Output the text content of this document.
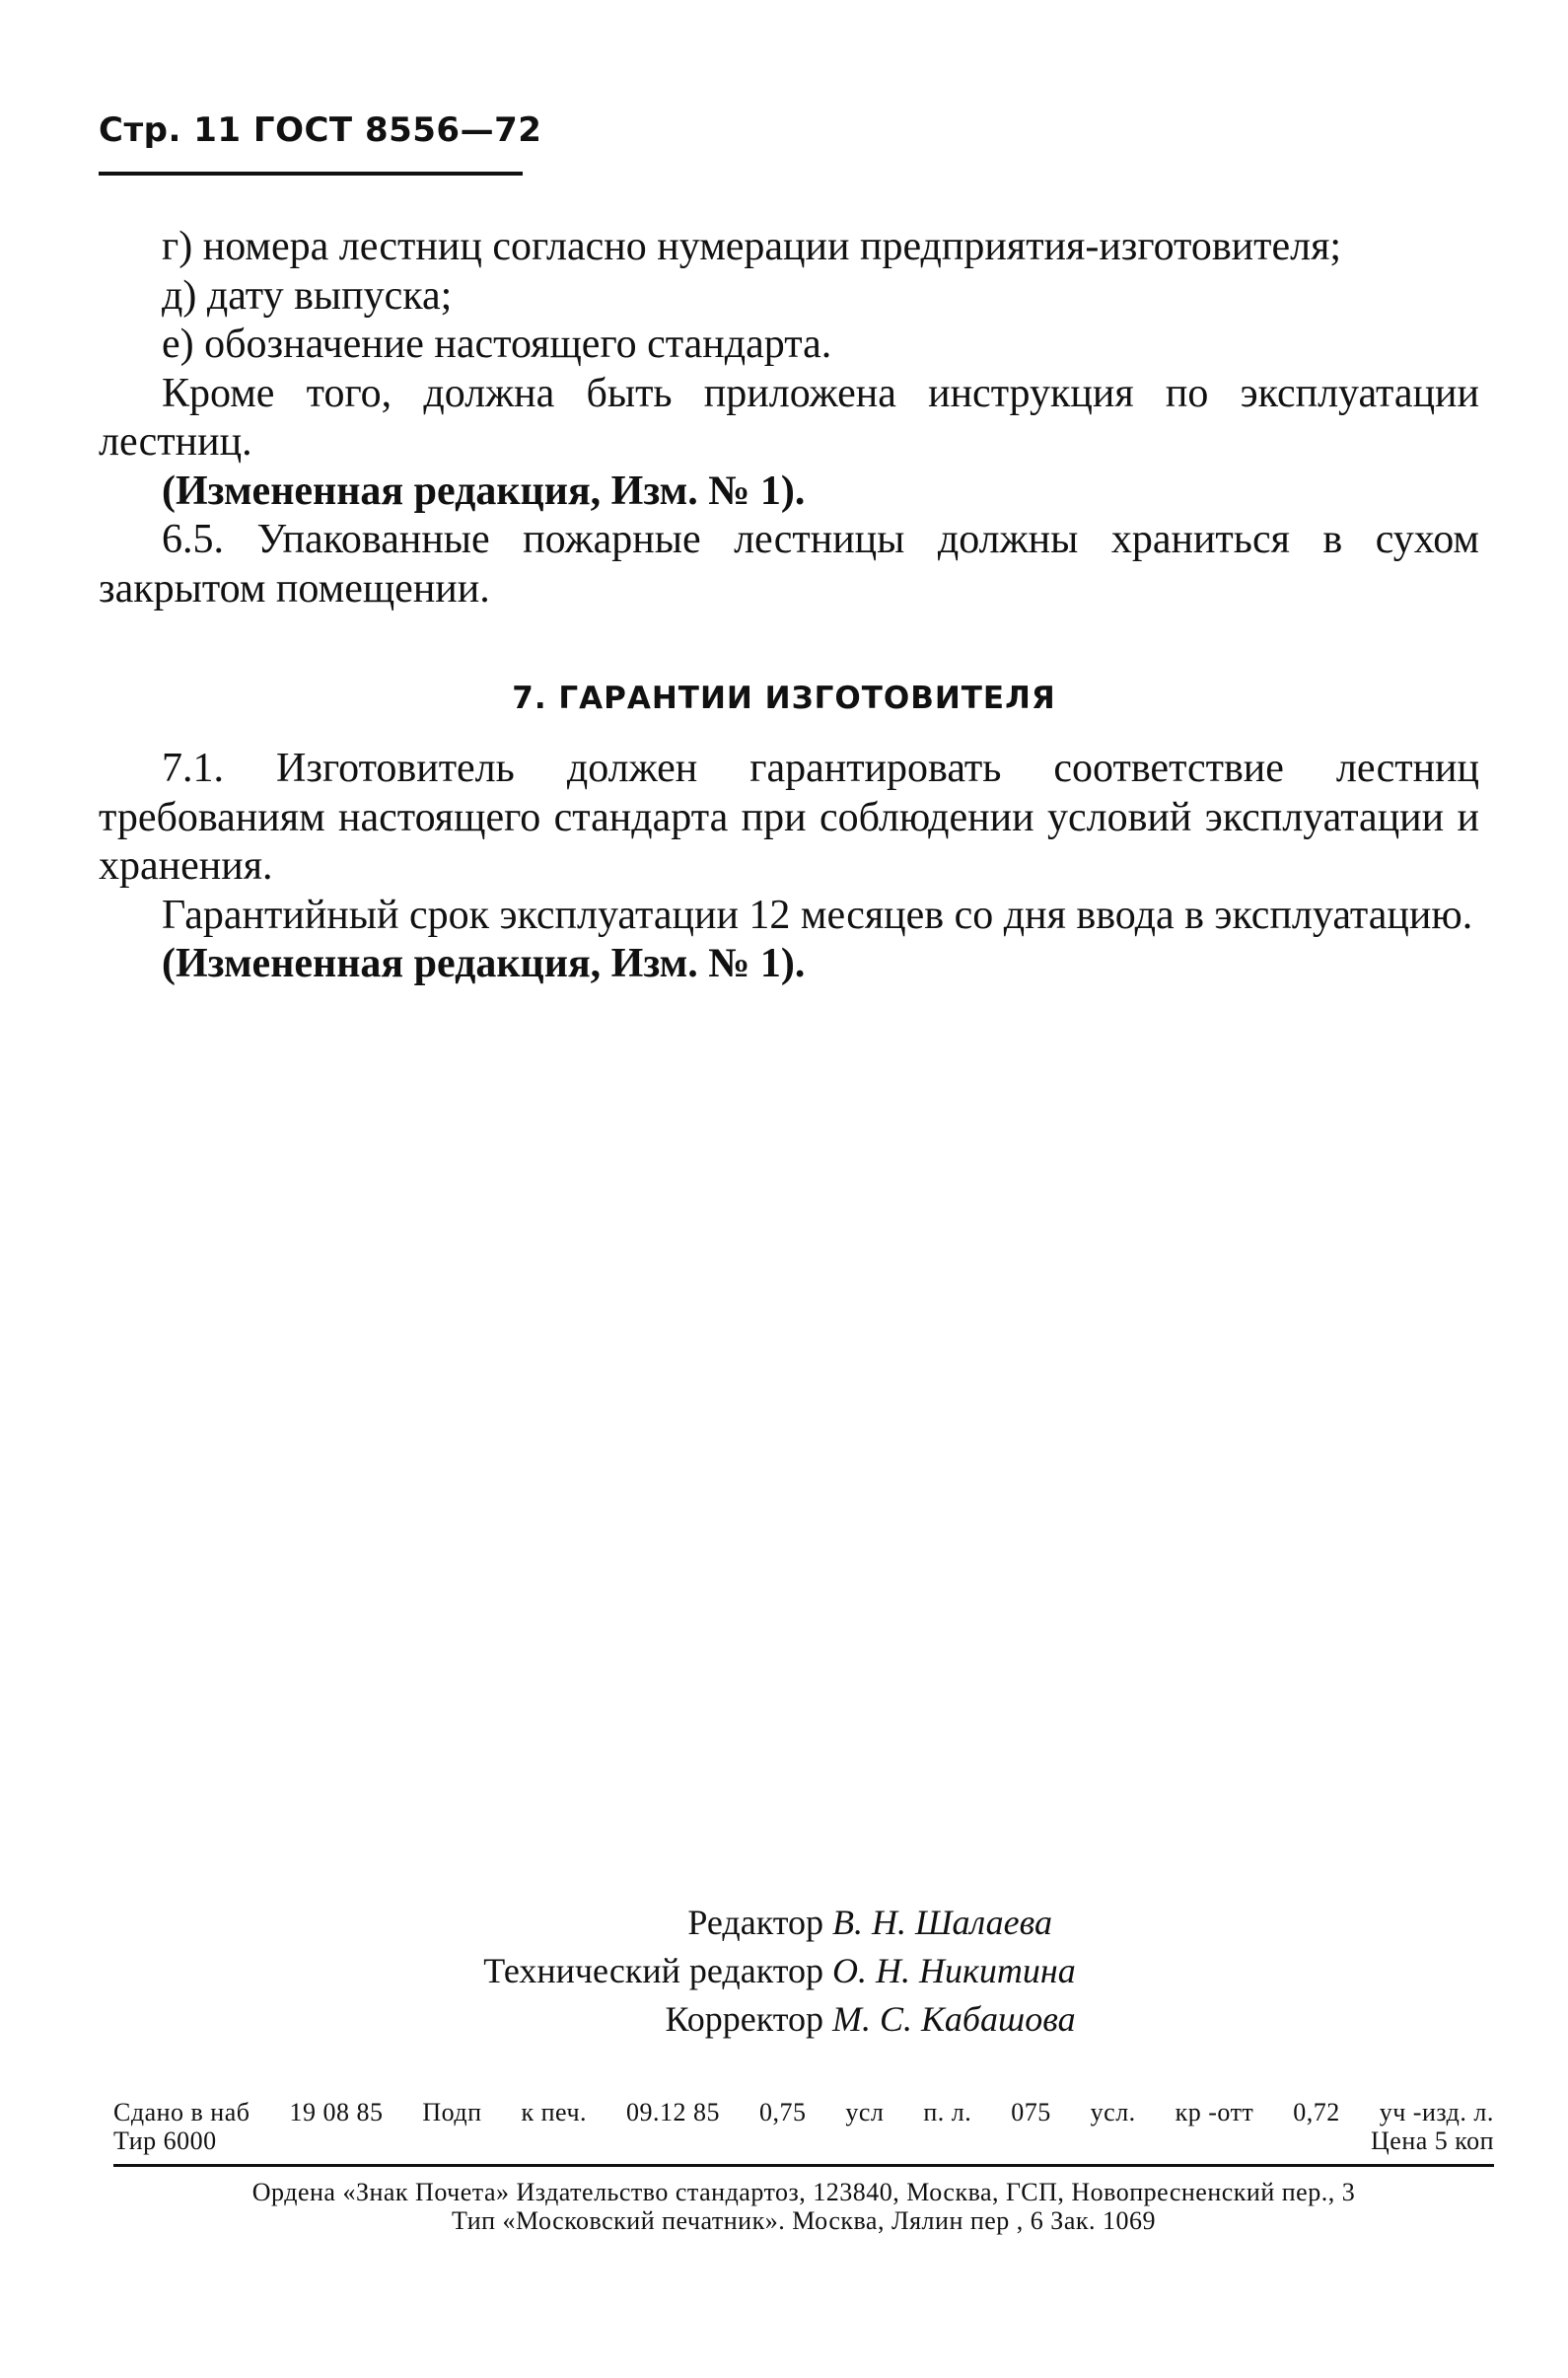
Стр. 11 ГОСТ 8556—72

г) номера лестниц согласно нумерации предприятия-изготовителя;

д) дату выпуска;

е) обозначение настоящего стандарта.

Кроме того, должна быть приложена инструкция по эксплуатации лестниц.

(Измененная редакция, Изм. № 1).

6.5. Упакованные пожарные лестницы должны храниться в сухом закрытом помещении.

7. ГАРАНТИИ ИЗГОТОВИТЕЛЯ

7.1. Изготовитель должен гарантировать соответствие лестниц требованиям настоящего стандарта при соблюдении условий эксплуатации и хранения.

Гарантийный срок эксплуатации 12 месяцев со дня ввода в эксплуатацию.

(Измененная редакция, Изм. № 1).

Редактор В. Н. Шалаева

Технический редактор О. Н. Никитина

Корректор М. С. Кабашова

Сдано в наб 19 08 85 Подп к печ. 09.12 85 0,75 усл п. л. 075 усл. кр -отт 0,72 уч -изд. л.
Тир 6000	Цена 5 коп
Ордена «Знак Почета» Издательство стандартоз, 123840, Москва, ГСП, Новопресненский пер., 3
Тип «Московский печатник». Москва, Лялин пер , 6 Зак. 1069
